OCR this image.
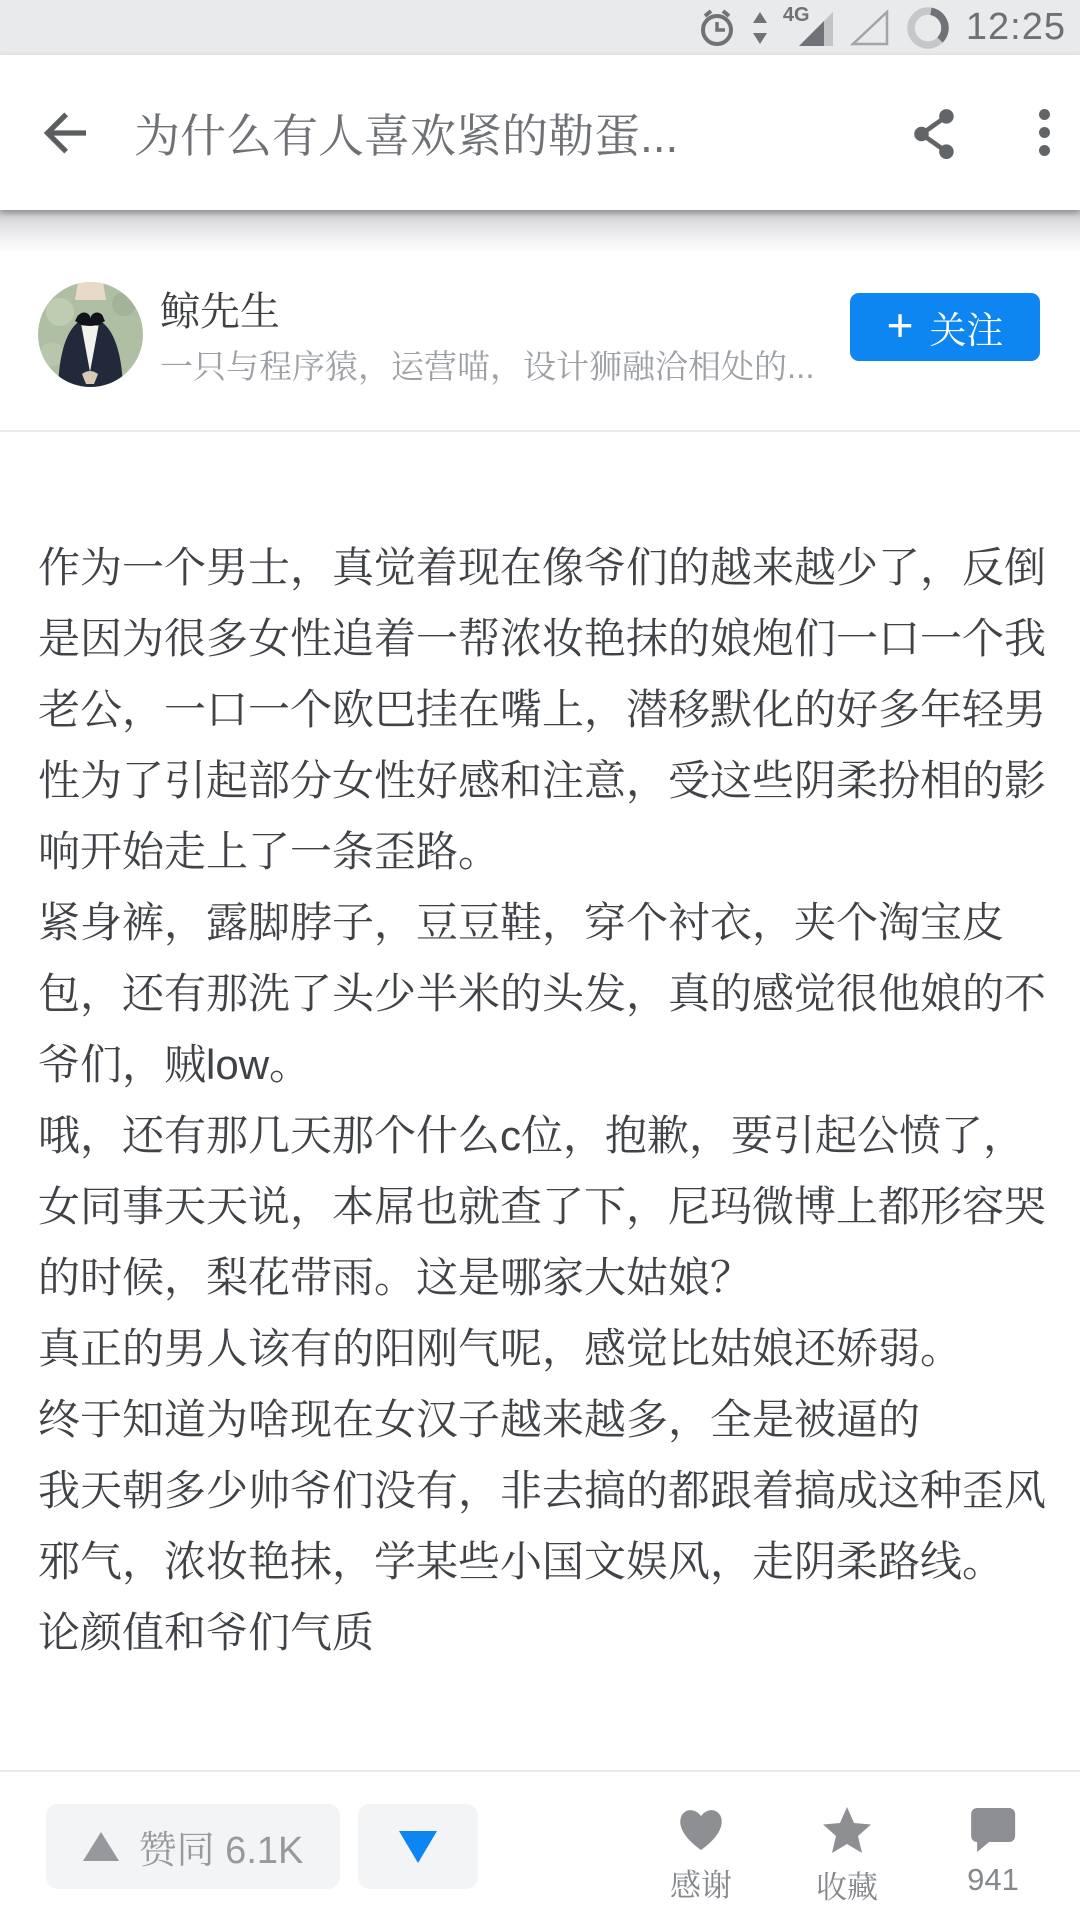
4G	12:25
为什么有人喜欢紧的勒蛋...
鲸先生
一只与程序猿，运营喵，设计狮融洽相处的...
+ 关注
作为一个男士，真觉着现在像爷们的越来越少了，反倒是因为很多女性追着一帮浓妆艳抹的娘炮们一口一个我老公，一口一个欧巴挂在嘴上，潜移默化的好多年轻男性为了引起部分女性好感和注意，受这些阴柔扮相的影响开始走上了一条歪路。
紧身裤，露脚脖子，豆豆鞋，穿个衬衣，夹个淘宝皮包，还有那洗了头少半米的头发，真的感觉很他娘的不爷们，贼low。
哦，还有那几天那个什么c位，抱歉，要引起公愤了，女同事天天说，本屌也就查了下，尼玛微博上都形容哭的时候，梨花带雨。这是哪家大姑娘？
真正的男人该有的阳刚气呢，感觉比姑娘还娇弱。
终于知道为啥现在女汉子越来越多，全是被逼的
我天朝多少帅爷们没有，非去搞的都跟着搞成这种歪风邪气，浓妆艳抹，学某些小国文娱风，走阴柔路线。
论颜值和爷们气质
赞同 6.1K
感谢	收藏	941
